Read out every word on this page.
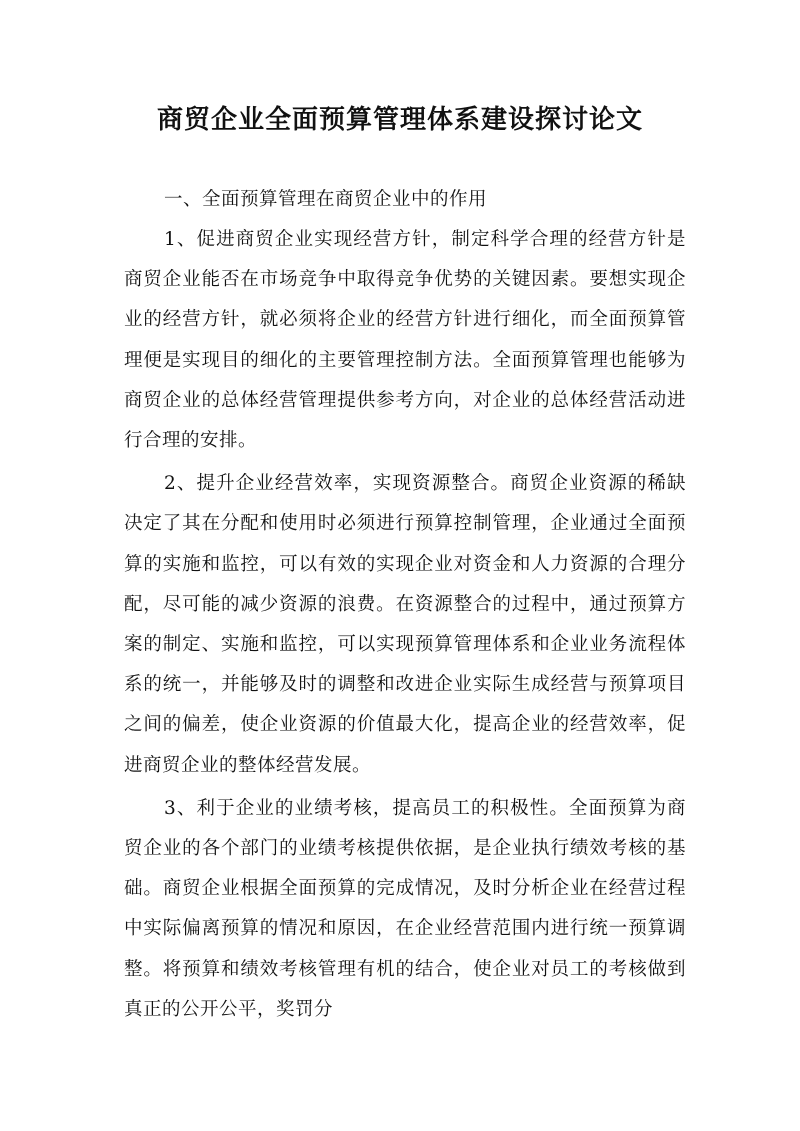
商贸企业全面预算管理体系建设探讨论文

一、全面预算管理在商贸企业中的作用

1、促进商贸企业实现经营方针，制定科学合理的经营方针是商贸企业能否在市场竞争中取得竞争优势的关键因素。要想实现企业的经营方针，就必须将企业的经营方针进行细化，而全面预算管理便是实现目的细化的主要管理控制方法。全面预算管理也能够为商贸企业的总体经营管理提供参考方向，对企业的总体经营活动进行合理的安排。

2、提升企业经营效率，实现资源整合。商贸企业资源的稀缺决定了其在分配和使用时必须进行预算控制管理，企业通过全面预算的实施和监控，可以有效的实现企业对资金和人力资源的合理分配，尽可能的减少资源的浪费。在资源整合的过程中，通过预算方案的制定、实施和监控，可以实现预算管理体系和企业业务流程体系的统一，并能够及时的调整和改进企业实际生成经营与预算项目之间的偏差，使企业资源的价值最大化，提高企业的经营效率，促进商贸企业的整体经营发展。

3、利于企业的业绩考核，提高员工的积极性。全面预算为商贸企业的各个部门的业绩考核提供依据，是企业执行绩效考核的基础。商贸企业根据全面预算的完成情况，及时分析企业在经营过程中实际偏离预算的情况和原因，在企业经营范围内进行统一预算调整。将预算和绩效考核管理有机的结合，使企业对员工的考核做到真正的公开公平，奖罚分
